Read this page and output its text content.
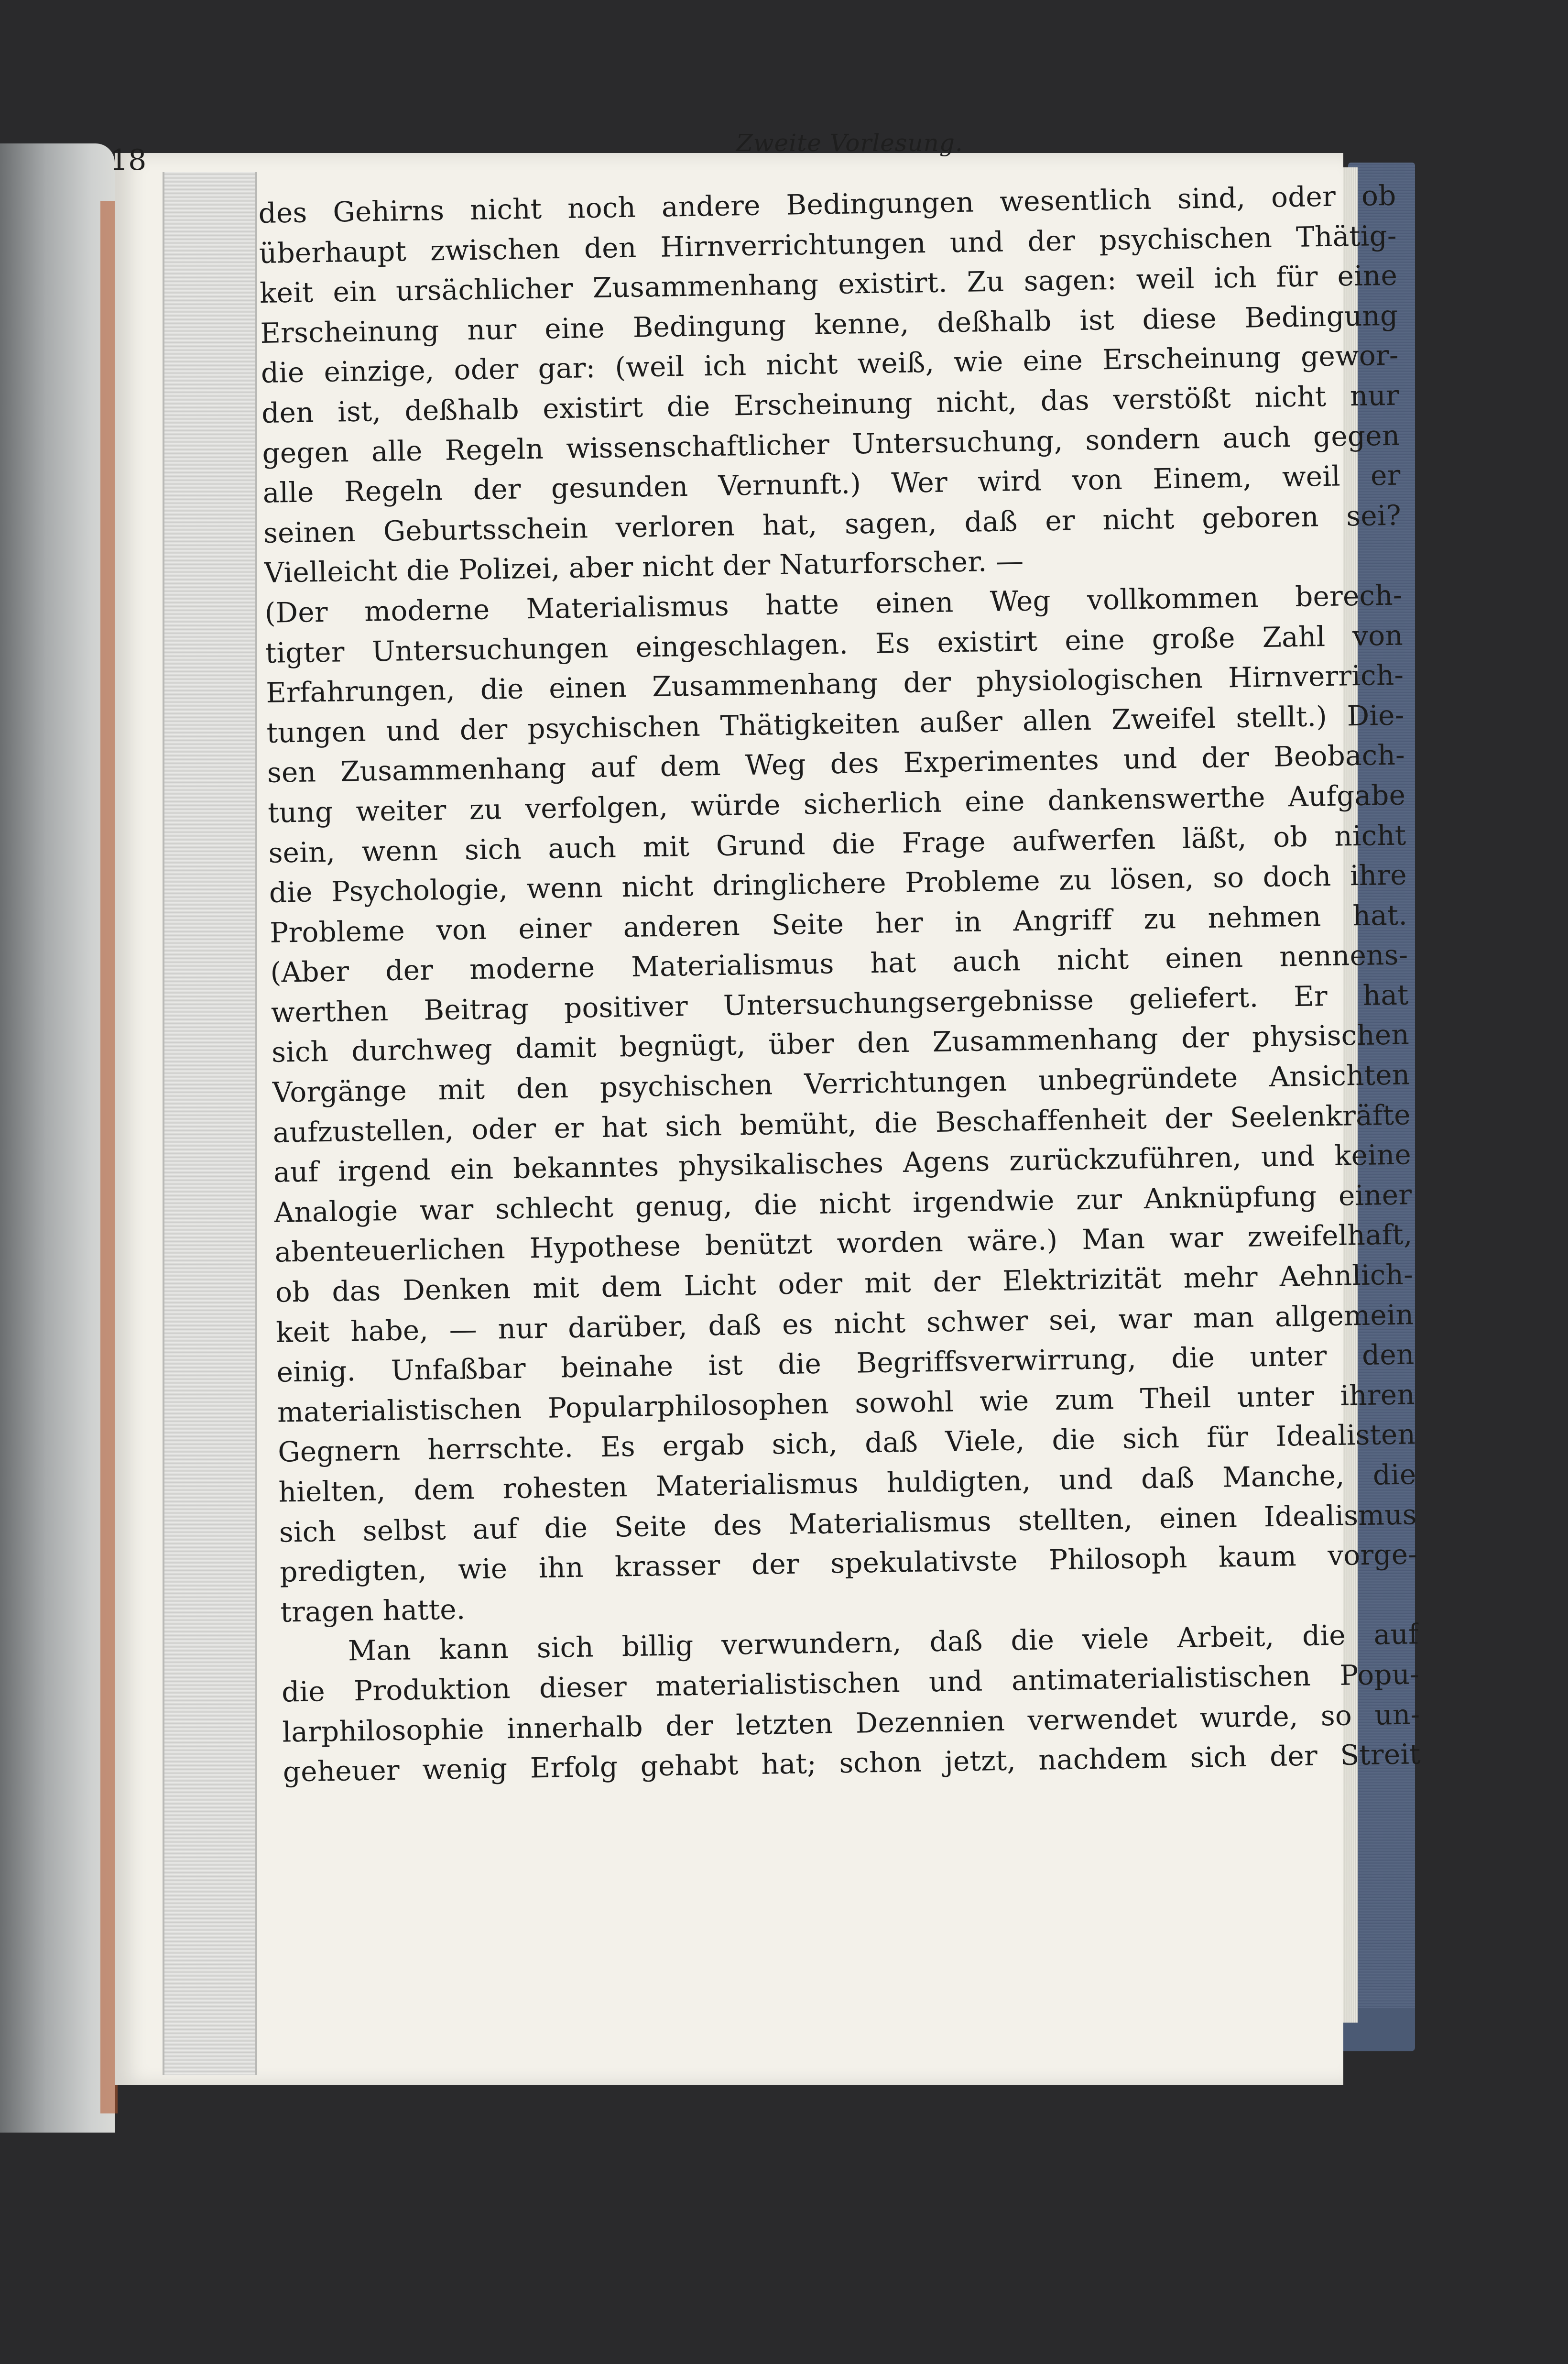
18
Zweite Vorlesung.
des Gehirns nicht noch andere Bedingungen wesentlich sind, oder ob
überhaupt zwischen den Hirnverrichtungen und der psychischen Thätig-
keit ein ursächlicher Zusammenhang existirt. Zu sagen: weil ich für eine
Erscheinung nur eine Bedingung kenne, deßhalb ist diese Bedingung
die einzige, oder gar: (weil ich nicht weiß, wie eine Erscheinung gewor-
den ist, deßhalb existirt die Erscheinung nicht, das verstößt nicht nur
gegen alle Regeln wissenschaftlicher Untersuchung, sondern auch gegen
alle Regeln der gesunden Vernunft.) Wer wird von Einem, weil er
seinen Geburtsschein verloren hat, sagen, daß er nicht geboren sei?
Vielleicht die Polizei, aber nicht der Naturforscher. —
(Der moderne Materialismus hatte einen Weg vollkommen berech-
tigter Untersuchungen eingeschlagen. Es existirt eine große Zahl von
Erfahrungen, die einen Zusammenhang der physiologischen Hirnverrich-
tungen und der psychischen Thätigkeiten außer allen Zweifel stellt.) Die-
sen Zusammenhang auf dem Weg des Experimentes und der Beobach-
tung weiter zu verfolgen, würde sicherlich eine dankenswerthe Aufgabe
sein, wenn sich auch mit Grund die Frage aufwerfen läßt, ob nicht
die Psychologie, wenn nicht dringlichere Probleme zu lösen, so doch ihre
Probleme von einer anderen Seite her in Angriff zu nehmen hat.
(Aber der moderne Materialismus hat auch nicht einen nennens-
werthen Beitrag positiver Untersuchungsergebnisse geliefert. Er hat
sich durchweg damit begnügt, über den Zusammenhang der physischen
Vorgänge mit den psychischen Verrichtungen unbegründete Ansichten
aufzustellen, oder er hat sich bemüht, die Beschaffenheit der Seelenkräfte
auf irgend ein bekanntes physikalisches Agens zurückzuführen, und keine
Analogie war schlecht genug, die nicht irgendwie zur Anknüpfung einer
abenteuerlichen Hypothese benützt worden wäre.) Man war zweifelhaft,
ob das Denken mit dem Licht oder mit der Elektrizität mehr Aehnlich-
keit habe, — nur darüber, daß es nicht schwer sei, war man allgemein
einig. Unfaßbar beinahe ist die Begriffsverwirrung, die unter den
materialistischen Popularphilosophen sowohl wie zum Theil unter ihren
Gegnern herrschte. Es ergab sich, daß Viele, die sich für Idealisten
hielten, dem rohesten Materialismus huldigten, und daß Manche, die
sich selbst auf die Seite des Materialismus stellten, einen Idealismus
predigten, wie ihn krasser der spekulativste Philosoph kaum vorge-
tragen hatte.
Man kann sich billig verwundern, daß die viele Arbeit, die auf
die Produktion dieser materialistischen und antimaterialistischen Popu-
larphilosophie innerhalb der letzten Dezennien verwendet wurde, so un-
geheuer wenig Erfolg gehabt hat; schon jetzt, nachdem sich der Streit
